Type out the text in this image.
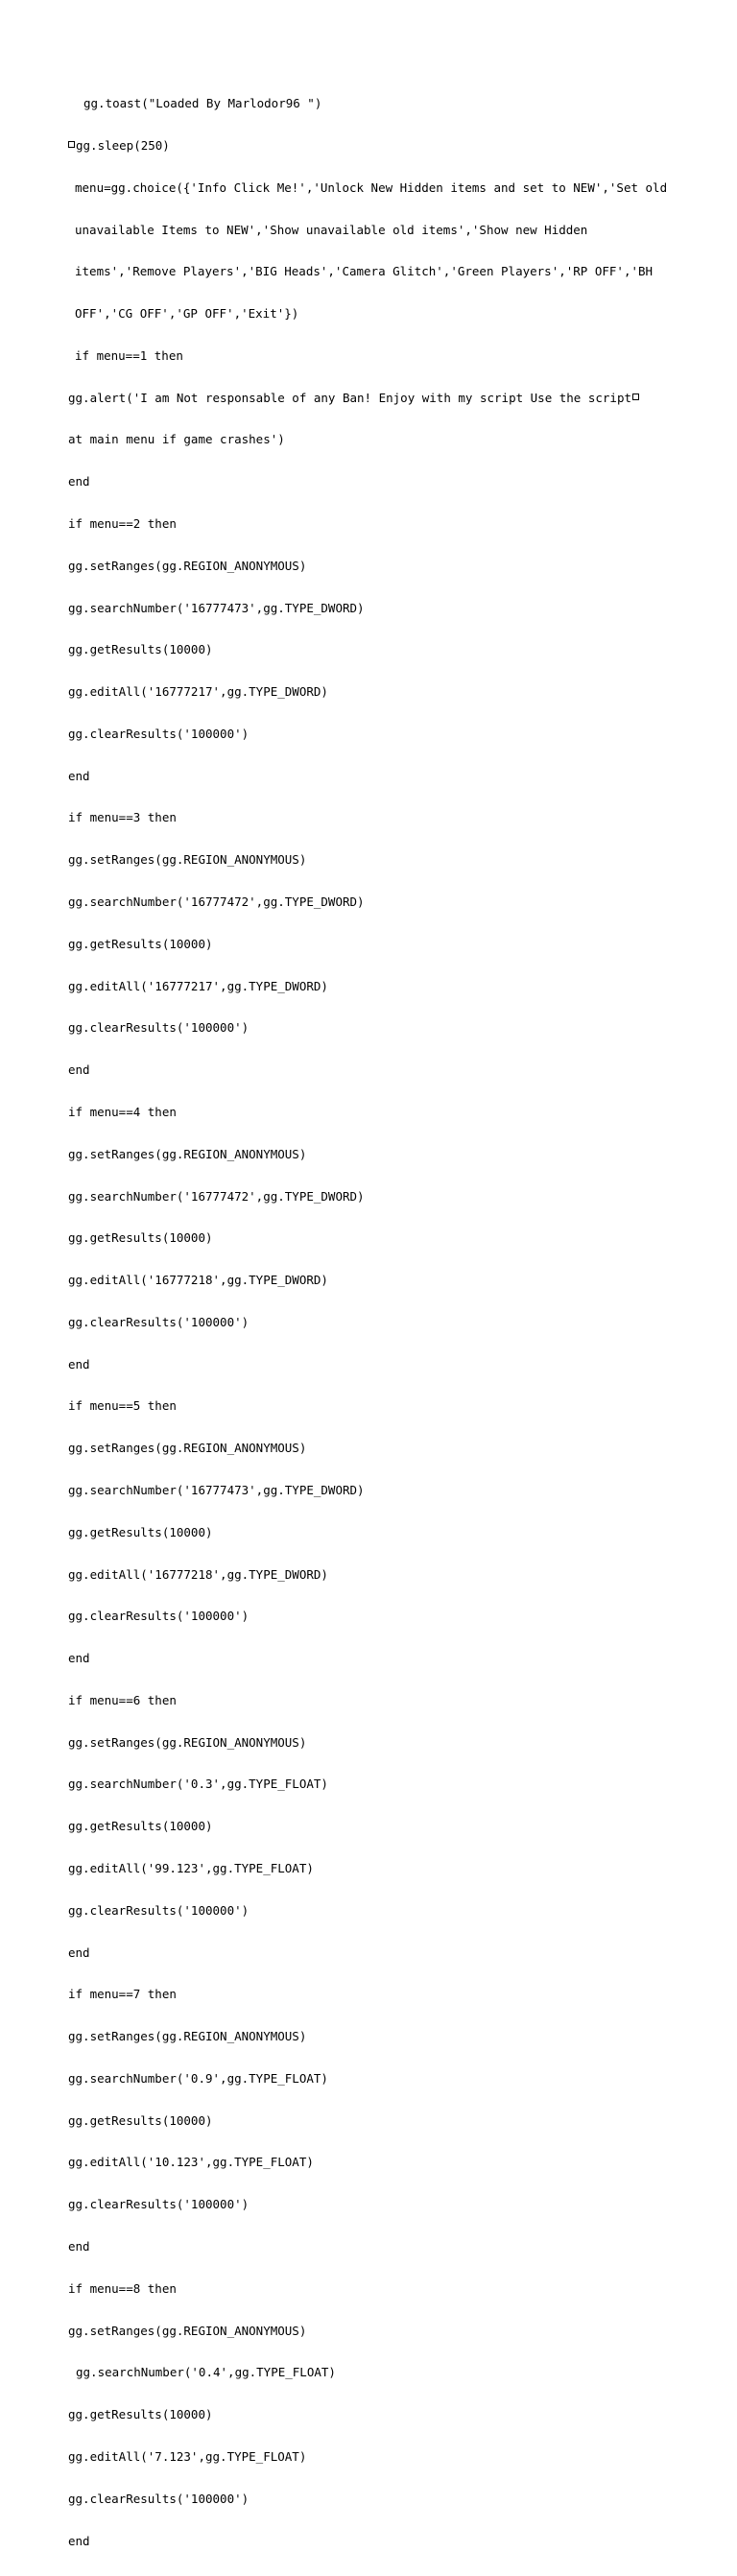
gg.toast("Loaded By Marlodor96 ")

gg.sleep(250)

menu=gg.choice({'Info Click Me!','Unlock New Hidden items and set to NEW','Set old

unavailable Items to NEW','Show unavailable old items','Show new Hidden

items','Remove Players','BIG Heads','Camera Glitch','Green Players','RP OFF','BH

OFF','CG OFF','GP OFF','Exit'})

if menu==1 then

gg.alert('I am Not responsable of any Ban! Enjoy with my script Use the script

at main menu if game crashes')

end

if menu==2 then

gg.setRanges(gg.REGION_ANONYMOUS)

gg.searchNumber('16777473',gg.TYPE_DWORD)

gg.getResults(10000)

gg.editAll('16777217',gg.TYPE_DWORD)

gg.clearResults('100000')

end

if menu==3 then

gg.setRanges(gg.REGION_ANONYMOUS)

gg.searchNumber('16777472',gg.TYPE_DWORD)

gg.getResults(10000)

gg.editAll('16777217',gg.TYPE_DWORD)

gg.clearResults('100000')

end

if menu==4 then

gg.setRanges(gg.REGION_ANONYMOUS)

gg.searchNumber('16777472',gg.TYPE_DWORD)

gg.getResults(10000)

gg.editAll('16777218',gg.TYPE_DWORD)

gg.clearResults('100000')

end

if menu==5 then

gg.setRanges(gg.REGION_ANONYMOUS)

gg.searchNumber('16777473',gg.TYPE_DWORD)

gg.getResults(10000)

gg.editAll('16777218',gg.TYPE_DWORD)

gg.clearResults('100000')

end

if menu==6 then

gg.setRanges(gg.REGION_ANONYMOUS)

gg.searchNumber('0.3',gg.TYPE_FLOAT)

gg.getResults(10000)

gg.editAll('99.123',gg.TYPE_FLOAT)

gg.clearResults('100000')

end

if menu==7 then

gg.setRanges(gg.REGION_ANONYMOUS)

gg.searchNumber('0.9',gg.TYPE_FLOAT)

gg.getResults(10000)

gg.editAll('10.123',gg.TYPE_FLOAT)

gg.clearResults('100000')

end

if menu==8 then

gg.setRanges(gg.REGION_ANONYMOUS)

gg.searchNumber('0.4',gg.TYPE_FLOAT)

gg.getResults(10000)

gg.editAll('7.123',gg.TYPE_FLOAT)

gg.clearResults('100000')

end
